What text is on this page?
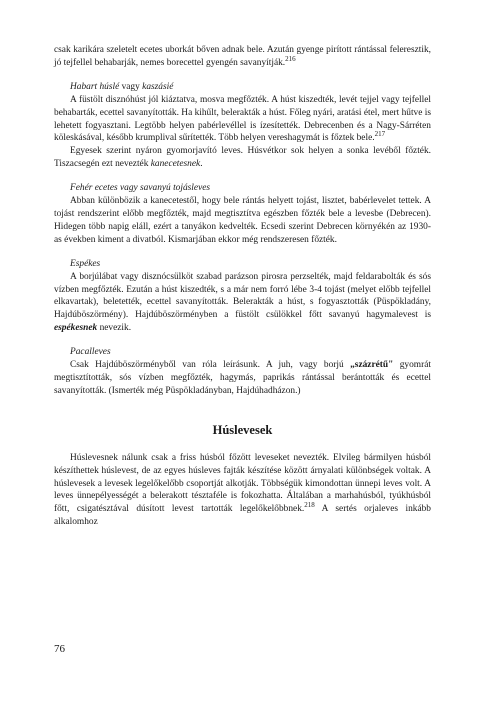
csak karikára szeletelt ecetes uborkát bőven adnak bele. Azután gyenge pirított rántással feleresztik, jó tejfellel behabarják, nemes borecettel gyengén savanyítják.$^{216}$

Habart húslé vagy kaszásié

A füstölt disznóhúst jól kiáztatva, mosva megfőzték. A húst kiszedték, levét tejjel vagy tejfellel behabarták, ecettel savanyították. Ha kihűlt, belerakták a húst. Főleg nyári, aratási étel, mert hűtve is lehetett fogyasztani. Legtöbb helyen pabérlevéllel is ízesítették. Debrecenben és a Nagy-Sárréten köleskásával, később krumplival sűrítették. Több helyen vereshagymát is főztek bele.$^{217}$

Egyesek szerint nyáron gyomorjavító leves. Húsvétkor sok helyen a sonka levéből főzték. Tiszacsegén ezt nevezték kanecetesnek.

Fehér ecetes vagy savanyú tojásleves

Abban különbözik a kanecetestől, hogy bele rántás helyett tojást, lisztet, babérlevelet tettek. A tojást rendszerint előbb megfőzték, majd megtisztítva egészben főzték bele a levesbe (Debrecen). Hidegen több napig eláll, ezért a tanyákon kedvelték. Ecsedi szerint Debrecen környékén az 1930-as években kiment a divatból. Kismarjában ekkor még rendszeresen főzték.

Espékes

A borjúlábat vagy disznócsülköt szabad parázson pirosra perzselték, majd feldarabolták és sós vízben megfőzték. Ezután a húst kiszedték, s a már nem forró lébe 3-4 tojást (melyet előbb tejfellel elkavartak), beletették, ecettel savanyították. Belerakták a húst, s fogyasztották (Püspökladány, Hajdúböszörmény). Hajdúböszörményben a füstölt csülökkel főtt savanyú hagymalevest is espékesnek nevezik.

Pacalleves

Csak Hajdúböszörményből van róla leírásunk. A juh, vagy borjú „százrétű" gyomrát megtisztították, sós vízben megfőzték, hagymás, paprikás rántással berántották és ecettel savanyították. (Ismerték még Püspökladányban, Hajdúhadházon.)

Húslevesek

Húslevesnek nálunk csak a friss húsból főzött leveseket nevezték. Elvileg bármilyen húsból készíthettek húslevest, de az egyes húsleves fajták készítése között árnyalati különbségek voltak. A húslevesek a levesek legelőkelőbb csoportját alkotják. Többségük kimondottan ünnepi leves volt. A leves ünnepélyességét a belerakott tésztaféle is fokozhatta. Általában a marhahúsból, tyúkhúsból főtt, csigatésztával dúsított levest tartották legelőkelőbbnek.$^{218}$ A sertés orjaleves inkább alkalomhoz

76
